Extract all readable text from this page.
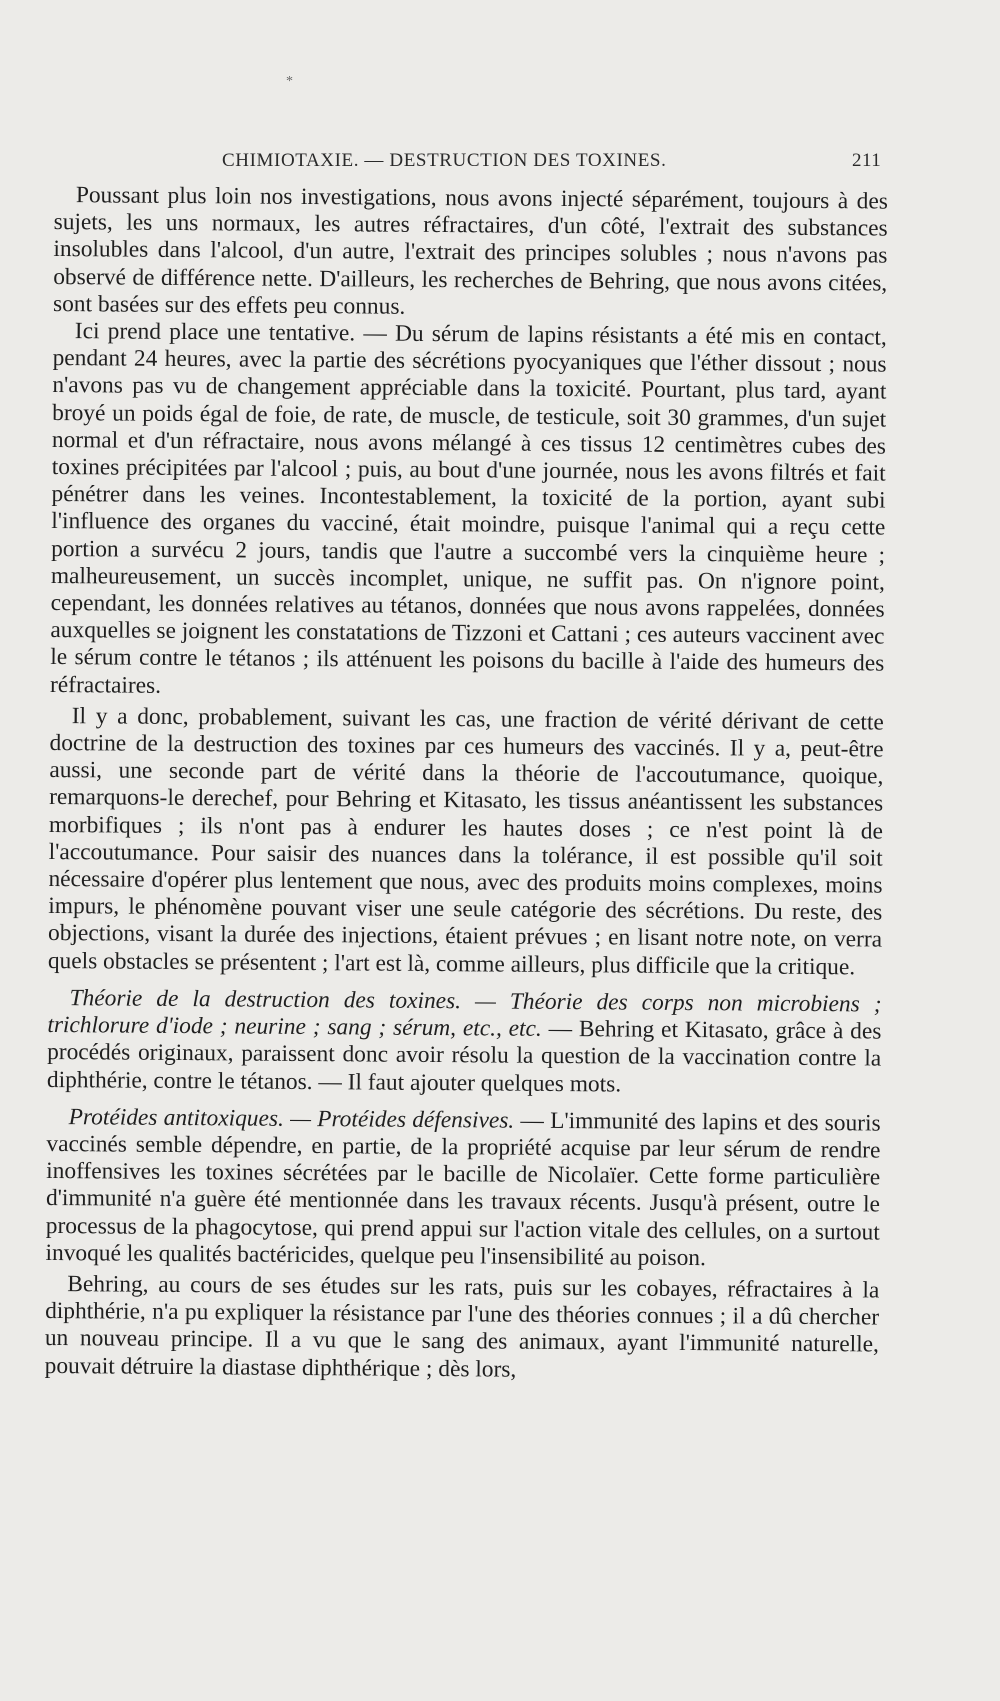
*
CHIMIOTAXIE. — DESTRUCTION DES TOXINES.	211

Poussant plus loin nos investigations, nous avons injecté séparément, toujours à des sujets, les uns normaux, les autres réfractaires, d'un côté, l'extrait des substances insolubles dans l'alcool, d'un autre, l'extrait des principes solubles ; nous n'avons pas observé de différence nette. D'ailleurs, les recherches de Behring, que nous avons citées, sont basées sur des effets peu connus.

Ici prend place une tentative. — Du sérum de lapins résistants a été mis en contact, pendant 24 heures, avec la partie des sécrétions pyocyaniques que l'éther dissout ; nous n'avons pas vu de changement appréciable dans la toxicité. Pourtant, plus tard, ayant broyé un poids égal de foie, de rate, de muscle, de testicule, soit 30 grammes, d'un sujet normal et d'un réfractaire, nous avons mélangé à ces tissus 12 centimètres cubes des toxines précipitées par l'alcool ; puis, au bout d'une journée, nous les avons filtrés et fait pénétrer dans les veines. Incontestablement, la toxicité de la portion, ayant subi l'influence des organes du vacciné, était moindre, puisque l'animal qui a reçu cette portion a survécu 2 jours, tandis que l'autre a succombé vers la cinquième heure ; malheureusement, un succès incomplet, unique, ne suffit pas. On n'ignore point, cependant, les données relatives au tétanos, données que nous avons rappelées, données auxquelles se joignent les constatations de Tizzoni et Cattani ; ces auteurs vaccinent avec le sérum contre le tétanos ; ils atténuent les poisons du bacille à l'aide des humeurs des réfractaires.

Il y a donc, probablement, suivant les cas, une fraction de vérité dérivant de cette doctrine de la destruction des toxines par ces humeurs des vaccinés. Il y a, peut-être aussi, une seconde part de vérité dans la théorie de l'accoutumance, quoique, remarquons-le derechef, pour Behring et Kitasato, les tissus anéantissent les substances morbifiques ; ils n'ont pas à endurer les hautes doses ; ce n'est point là de l'accoutumance. Pour saisir des nuances dans la tolérance, il est possible qu'il soit nécessaire d'opérer plus lentement que nous, avec des produits moins complexes, moins impurs, le phénomène pouvant viser une seule catégorie des sécrétions. Du reste, des objections, visant la durée des injections, étaient prévues ; en lisant notre note, on verra quels obstacles se présentent ; l'art est là, comme ailleurs, plus difficile que la critique.

Théorie de la destruction des toxines. — Théorie des corps non microbiens ; trichlorure d'iode ; neurine ; sang ; sérum, etc., etc. — Behring et Kitasato, grâce à des procédés originaux, paraissent donc avoir résolu la question de la vaccination contre la diphthérie, contre le tétanos. — Il faut ajouter quelques mots.

Protéides antitoxiques. — Protéides défensives. — L'immunité des lapins et des souris vaccinés semble dépendre, en partie, de la propriété acquise par leur sérum de rendre inoffensives les toxines sécrétées par le bacille de Nicolaïer. Cette forme particulière d'immunité n'a guère été mentionnée dans les travaux récents. Jusqu'à présent, outre le processus de la phagocytose, qui prend appui sur l'action vitale des cellules, on a surtout invoqué les qualités bactéricides, quelque peu l'insensibilité au poison.

Behring, au cours de ses études sur les rats, puis sur les cobayes, réfractaires à la diphthérie, n'a pu expliquer la résistance par l'une des théories connues ; il a dû chercher un nouveau principe. Il a vu que le sang des animaux, ayant l'immunité naturelle, pouvait détruire la diastase diphthérique ; dès lors,
